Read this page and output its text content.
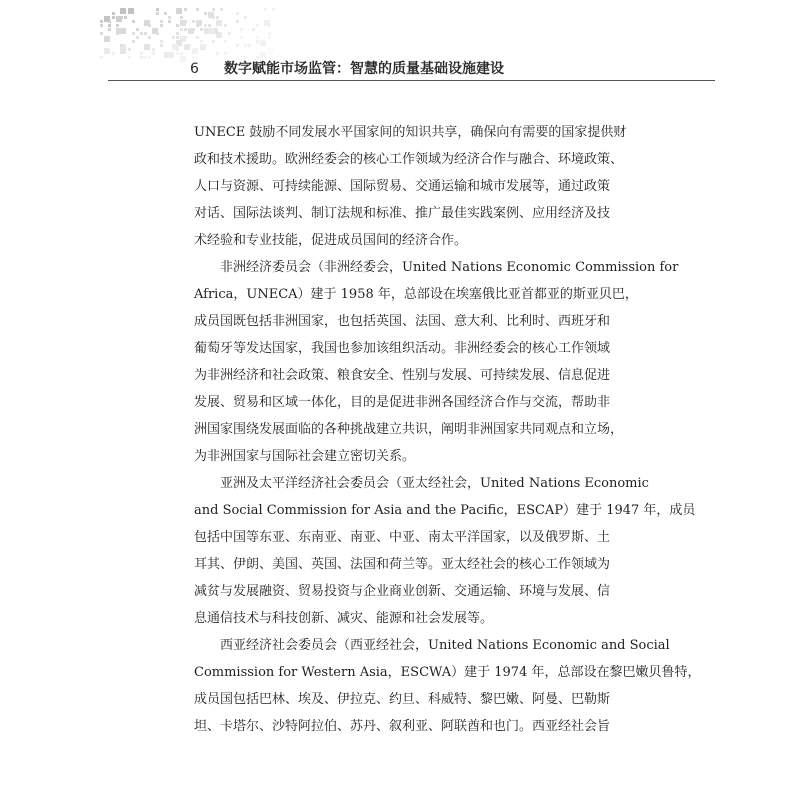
6 数字赋能市场监管：智慧的质量基础设施建设
UNECE 鼓励不同发展水平国家间的知识共享，确保向有需要的国家提供财
政和技术援助。欧洲经委会的核心工作领域为经济合作与融合、环境政策、
人口与资源、可持续能源、国际贸易、交通运输和城市发展等，通过政策
对话、国际法谈判、制订法规和标准、推广最佳实践案例、应用经济及技
术经验和专业技能，促进成员国间的经济合作。
非洲经济委员会（非洲经委会，United Nations Economic Commission for
Africa，UNECA）建于 1958 年，总部设在埃塞俄比亚首都亚的斯亚贝巴，
成员国既包括非洲国家，也包括英国、法国、意大利、比利时、西班牙和
葡萄牙等发达国家，我国也参加该组织活动。非洲经委会的核心工作领域
为非洲经济和社会政策、粮食安全、性别与发展、可持续发展、信息促进
发展、贸易和区域一体化，目的是促进非洲各国经济合作与交流，帮助非
洲国家围绕发展面临的各种挑战建立共识，阐明非洲国家共同观点和立场，
为非洲国家与国际社会建立密切关系。
亚洲及太平洋经济社会委员会（亚太经社会，United Nations Economic
and Social Commission for Asia and the Pacific，ESCAP）建于 1947 年，成员
包括中国等东亚、东南亚、南亚、中亚、南太平洋国家，以及俄罗斯、土
耳其、伊朗、美国、英国、法国和荷兰等。亚太经社会的核心工作领域为
减贫与发展融资、贸易投资与企业商业创新、交通运输、环境与发展、信
息通信技术与科技创新、减灾、能源和社会发展等。
西亚经济社会委员会（西亚经社会，United Nations Economic and Social
Commission for Western Asia，ESCWA）建于 1974 年，总部设在黎巴嫩贝鲁特，
成员国包括巴林、埃及、伊拉克、约旦、科威特、黎巴嫩、阿曼、巴勒斯
坦、卡塔尔、沙特阿拉伯、苏丹、叙利亚、阿联酋和也门。西亚经社会旨
